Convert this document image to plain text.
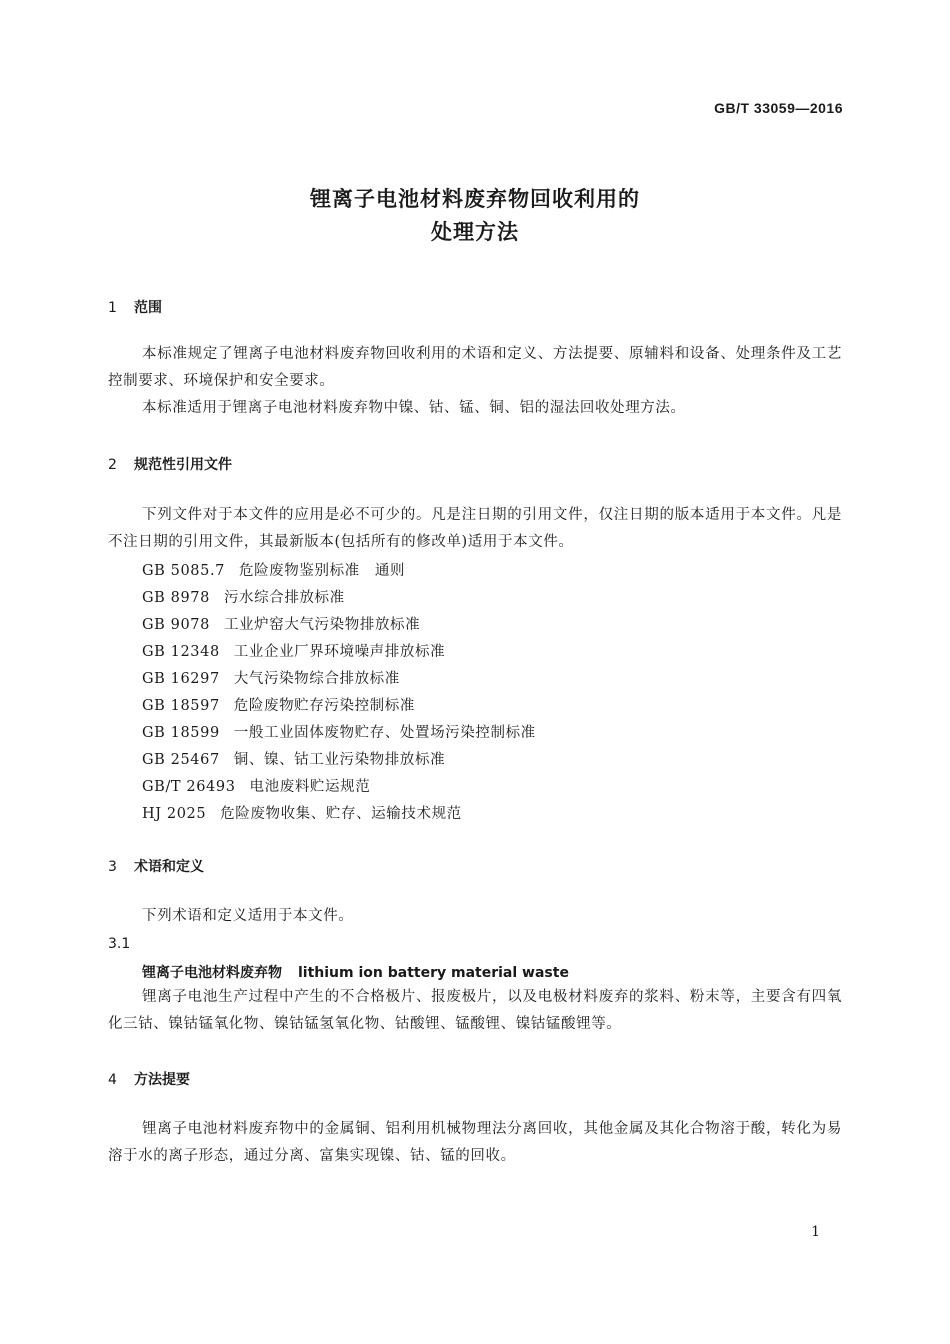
GB/T 33059—2016
锂离子电池材料废弃物回收利用的
处理方法
1 范围
本标准规定了锂离子电池材料废弃物回收利用的术语和定义、方法提要、原辅料和设备、处理条件及工艺控制要求、环境保护和安全要求。
本标准适用于锂离子电池材料废弃物中镍、钴、锰、铜、铝的湿法回收处理方法。
2 规范性引用文件
下列文件对于本文件的应用是必不可少的。凡是注日期的引用文件，仅注日期的版本适用于本文件。凡是不注日期的引用文件，其最新版本(包括所有的修改单)适用于本文件。
GB 5085.7 危险废物鉴别标准　通则
GB 8978 污水综合排放标准
GB 9078 工业炉窑大气污染物排放标准
GB 12348 工业企业厂界环境噪声排放标准
GB 16297 大气污染物综合排放标准
GB 18597 危险废物贮存污染控制标准
GB 18599 一般工业固体废物贮存、处置场污染控制标准
GB 25467 铜、镍、钴工业污染物排放标准
GB/T 26493 电池废料贮运规范
HJ 2025 危险废物收集、贮存、运输技术规范
3 术语和定义
下列术语和定义适用于本文件。
3.1
锂离子电池材料废弃物 lithium ion battery material waste
锂离子电池生产过程中产生的不合格极片、报废极片，以及电极材料废弃的浆料、粉末等，主要含有四氧化三钴、镍钴锰氧化物、镍钴锰氢氧化物、钴酸锂、锰酸锂、镍钴锰酸锂等。
4 方法提要
锂离子电池材料废弃物中的金属铜、铝利用机械物理法分离回收，其他金属及其化合物溶于酸，转化为易溶于水的离子形态，通过分离、富集实现镍、钴、锰的回收。
1
